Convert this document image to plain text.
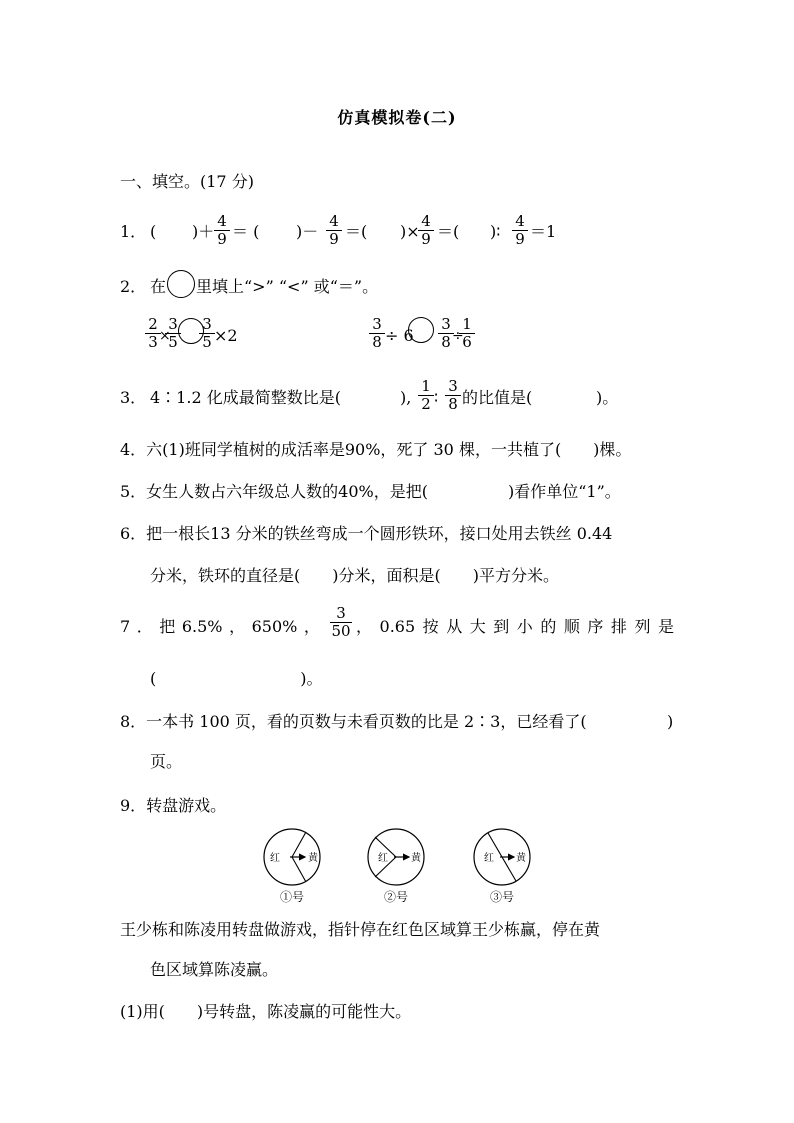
仿真模拟卷(二)
一、填空。(17 分)
1． ( )＋ $\frac{4}{9}$ ＝ ( )－ $\frac{4}{9}$ ＝( )×
$\frac{4}{9}$ ＝( )∶ $\frac{4}{9} =1$
2． 在 里填上“>” “<” 或“＝”。
$\frac{2}{3}$
×
$\frac{3}{5} \frac{3}{5} \times 2$	$\frac{3}{8} \div 6 \frac{3}{8}$
÷
$\frac{1}{6}$
3． 4∶1.2 化成最简整数比是(	), $\frac{1}{2}$ ∶ $\frac{3}{8}$ 的比值是(	)。
4．六(1)班同学植树的成活率是90%，死了 30 棵，一共植了(　　)棵。
5．女生人数占六年级总人数的40%，是把(　　　　　)看作单位“1”。
6．把一根长13 分米的铁丝弯成一个圆形铁环，接口处用去铁丝 0.44
分米，铁环的直径是(　　)分米，面积是(　　)平方分米。
7 ． 把 6.5% ， 650% ， $\frac{3}{50}$ ， 0.65 按 从 大 到 小 的 顺 序 排 列 是
(　　　　　　　　　)。
8．一本书 100 页，看的页数与未看页数的比是 2∶3，已经看了(	)
页。
9．转盘游戏。
红	黄	红 黄	红 黄
①号	②号	③号
王少栋和陈凌用转盘做游戏，指针停在红色区域算王少栋赢，停在黄
色区域算陈凌赢。
(1)用(　　)号转盘，陈凌赢的可能性大。
